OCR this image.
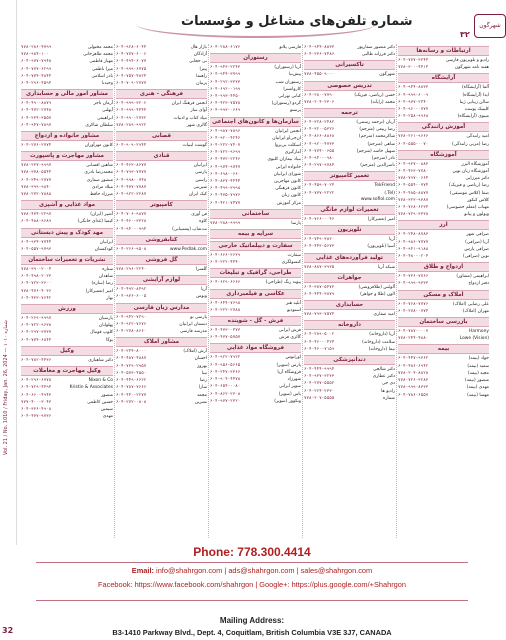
Vol. 21 / No. 1010 / Friday, Jan. 26, 2024 — شماره ۱۰۱۰
32
شماره تلفن‌های مشاغل و مؤسسات	شهرگون
۳۲
ارتباطات و رسانه‌ها
رادیو و تلویزیون فارسی
۶۰۴-۷۷۷-۳۳۴۴
هفته نامه شهرگون
۷۷۸-۳۰۰-۴۴۱۴
آرایشگاه
آلما (آرایشگاه)
۶۰۴-۹۴۴-۸۸۳۳
ایدا (آرایشگاه)
۶۰۴-۹۹۹-۶۰۰۹
سالن زیبایی ژینا
۶۰۴-۹۷۷-۲۴۴۰
کلینیک پوست
۶۰۴-۹۶۰-۰۷۷۷
مینوی (آرایشگاه)
۶۰۴-۲۵۸-۹۹۶۸
آموزش رانندگی
امید رانندگی
۷۷۸-۲۶۱-۹۶۶۶
رضا (مربی رانندگی)
۶۰۴-۵۵۵-۰۰۷۰
آموزشگاه
آموزشگاه البرز
۶۰۴-۹۳۷-۰۸۸۳
آموزشگاه زبان نوین
۶۰۴-۴۶۳-۷۷۸۰
دکتر میرزایی
۷۷۸-۷۹۷-۰۶۶۴
رضا (ریاضی و فیزیک)
۶۰۴-۵۵۴-۰۷۷۴
صفا (کلاس موسیقی)
۶۰۴-۴۸۵-۸۸۷۷
کلاس کنکور
۷۷۸-۳۲۳-۹۳۸۷
مهتاب (معلم خصوصی)
۶۰۴-۷۶۸-۶۲۳۴
ویولون و پیانو
۷۷۸-۷۲۹-۳۳۳۸
ارز
صرافی شهر
۶۰۴-۲۴۸-۸۷۸۳
آریا (صرافی)
۶۰۴-۹۸۶-۷۷۷۷
صرافی پارس
۶۰۴-۹۴۱-۹۱۸۸
نوین (صرافی)
۶۰۴-۴۸۰-۰۲۰۴
ازدواج و طلاق
ابراهیمی (مشاور)
۶۰۴-۷۳۶-۷۷۶۶
دفتر ازدواج
۶۰۴-۹۹۹-۹۳۳۳
املاک و مسکن
علی رضایی (املاک)
۶۰۴-۷۶۸-۷۷۷۶
مهران (املاک)
۶۰۴-۲۷۸-۰۷۷۴
بازرسی ساختمان
Harmony
۶۰۴-۷۸۷-۰۰۰۷
Lowe (Vision)
۷۷۸-۲۴۴-۴۸۸۰
بیمه
جواد (بیمه)
۶۰۴-۴۴۷-۹۳۶۲
سعید (بیمه)
۶۰۴-۴۸۶-۶۹۴۲
مجید (بیمه)
۷۷۸-۲۰۴-۸۸۲۸
منصور (بیمه)
۷۷۸-۷۲۶-۳۲۸۳
مهدی (بیمه)
۷۷۸-۹۹۹-۸۳۳۳
مهسا (بیمه)
۶۰۴-۷۸۶-۶۵۵۷
دکتر منصور صفارپور
۶۰۴-۹۴۴-۸۸۳۳
دکتر فرزانه طالبی
۶۰۴-۲۳۶-۷۴۸۶
تاکسیرانی
شهرگون
۷۷۸-۴۵۵-۹۰۰۰
تدریس خصوصی
حسن (ریاضی، فیزیک)
۶۰۴-۲۸۰-۷۷۹۰
محمد (رایانه)
۷۷۸-۲۰۴-۲۳۰۶
ترجمه
آریان (ترجمه رسمی)
۶۰۴-۳۲۸-۲۴۸۲
رضا ربیعی (مترجم)
۶۰۴-۳۲۰-۵۳۲۶
شاکرمحمد (مترجم)
۶۰۴-۸۶۶-۸۸۶۸
شاهی (مترجم)
۶۰۴-۹۲۰-۴۷۳۳
سهیل خامنه (مترجم)
۶۰۴-۷۷۴-۰۶۵۵
نادر (مترجم)
۶۰۴-۹۴۰-۰۹۸۰
ناصرالدین (مترجم)
۶۰۴-۲۹۷-۹۷۸۴
تعمیر کامپیوتر
TekFriend
۶۰۴-۴۵۹-۷۰۲۴
(Tel.)
۶۰۴-۷۷۷-۲۲۲۲
www.soflol.com
تعمیرات لوازم خانگی
امیر (تعمیرکار)
۶۰۴-۷۶۶-۰۰۴۶
تلویزیون
آریا
۶۰۴-۷۴۹-۳۸۲۰
آسیا (تلویزیون)
۶۰۴-۴۴۳-۵۶۷۳
تولید فرآورده‌های غذایی
شبکه آریا
۷۷۸-۸۸۷-۳۹۳۵
جواهرات
آلوئس (طلافروشی)
۶۰۴-۳۸۷-۵۴۷۳
الون (طلا و جواهر)
۶۰۴-۴۴۴-۳۸۷۹
حسابداری
امید صفاری
۷۷۸-۷۹۳-۷۵۷۴
داروخانه
آریا (داروخانه)
۶۰۴-۲۸۹-۵۰۰۲
سلامت (داروخانه)
۶۰۴-۴۶۰-۰۴۲۴
نیما (داروخانه)
۶۰۴-۴۶۰-۷۱۵۹
دندانپزشکی
دکتر شالچی
۶۰۴-۴۴۴-۹۹۹۴
دکتر عطاری
۶۰۴-۹۳۷-۳۲۳۳
دی جی
۶۰۴-۲۷۷-۵۵۵۲
رادیو ها
۶۰۴-۲۶۴-۲۳۳۰
شماره
۷۷۸-۲۰۷-۵۵۵۵
فارسی پلاتو
۶۰۴-۲۸۸-۶۱۷۶
رستوران
آریا (رستوران)
۶۰۴-۹۴۳-۲۲۴۳
پیش‌نیا
۶۰۴-۹۴۴-۳۷۹۹
رستوران شب
۶۰۴-۲۹۲-۳۳۳۳
کاروانسرا
۶۰۴-۶۹۲-۰۱۹۹
کبابی تهرانی
۶۰۴-۹۹۳-۴۴۵۰
گردو (رستوران)
۶۰۴-۴۲۳-۷۵۷۸
پرستو
۶۰۴-۹۹۳-۰۶۶۹
سازمان‌ها و کانون‌های اجتماعی
انجمن ایرانیان
۶۰۴-۹۸۷-۷۸۹۶
ان‌جی‌او ایرانیان
۶۰۴-۹۲۰-۴۲۴۶
اسکلت بی‌پروا
۶۰۴-۲۲۲-۷۴۰۷
آمارگیری
۶۰۴-۷۲۲-۹۶۹۹
بنیاد بیماران کلیوی
۶۰۴-۴۷۲-۲۲۴۶
خانواده ایرانی
۶۰۴-۹۷۴-۹۷۴۷
شورای ایرانیان
۶۰۴-۶۹۸-۰۶۶۰
کانون مهاجرین
۶۰۴-۸۳۷-۴۴۴۴
کانون فرهنگی
۶۰۴-۴۹۹-۳۹۹۸
کانون زنان
۶۰۴-۴۷۵-۷۹۷۶
مرکز آموزش
۶۰۴-۴۲۱-۷۴۷۷
ساختمانی
پارسا
۷۷۸-۲۸۸-۹۹۹۹
سرایه و بیمه
سفارت و دیپلماتیک خارجی
سفارت
۶۰۴-۶۶۶-۲۶۳۹
کنسولگری
۶۰۴-۲۲۲-۴۴۴۰
طراحی، گرافیک و تبلیغات
پیوند رنگ (طراحی)
۶۰۴-۶۲۹-۶۶۶۶
عکاسی و فیلمبرداری
آتلیه هنر
۶۰۴-۶۴۴-۷۶۹۸
استودیو
۶۰۴-۲۲۲-۲۷۸۸
فرش - گل - شوینده
فرش ایرانی
۶۰۴-۴۷۳-۰۴۷۳
گالری فرش
۶۰۴-۴۷۷-۵۷۵۷
فروشگاه مواد غذایی
اورانوس
۶۰۴-۹۲۲-۷۹۲۲
پارس (سوپر)
۶۰۴-۹۵۶-۵۶۶۵
فروشگاه آریا
۶۰۴-۲۴۷-۳۳۶۶
شهرزاد
۶۰۴-۹۰۴-۴۴۷۸
سوپر ایرانی
۶۰۴-۶۵۴-۰۰۸۰
یاس (سوپر)
۶۰۴-۸۶۲-۲۳۰۸
ونکوور (سوپر)
۶۰۴-۹۷۷-۲۳۲۰
بازار هال
۶۰۴-۹۲۸-۶۰۴۴
آزادگان
۶۰۴-۷۷۷-۶۰۰۶
بی حجابی
۶۰۴-۴۹۴-۶۰۷۷
پیتزا
۶۰۴-۹۹۹-۶۷۷۵
راهنما
۶۰۴-۷۵۷-۴۸۲۴
پرنیان
۶۰۴-۷۰۹-۲۷۷۷
فرهنگی - هنری
انجمن فرهنگ ایران
۶۰۴-۹۹۹-۳۲۰۶
آوای ساز
۶۰۴-۹۹۹-۴۴۴۴
بنیاد کتاب و ادبیات
۶۰۴-۹۹۰-۲۷۳۲
گالری شهر
۷۷۸-۲۸۹-۹۹۲۲
قصابی
گوشت لبنیات
۶۰۴-۹۰۹-۲۹۴۴
قنادی
ایرانیان
۶۰۴-۴۶۳-۸۶۷۷
پارسی
۶۰۴-۷۹۳-۷۷۷۷
راسین
۶۰۴-۹۹۸-۰۷۴۸
شیرینی
۶۰۴-۴۷۷-۷۷۸۷
کیک ایران
۶۰۴-۹۲۲-۳۲۸۷
کامپیوتر
فن آوری
۶۰۴-۷۰۶-۹۸۷۷
کاوه
۶۰۴-۴۶۰-۳۳۲۸
نت‌شاپ (پشتیبانی)
۶۰۴-۹۴۰-۰۹۹۴
کتابفروشی
www.Pedlak.com
۶۰۴-۲۶۶-۹۵۰۸
گل فروشی
گلسرا
۷۷۸-۲۹۶-۲۲۴۰
لوازم آرایشی
آریا
۶۰۴-۴۹۲-۸۴۹۲
ونوس
۶۰۴-۹۳۶-۶۰۰۵
مدارس زبان فارسی
پارسی نو
۶۰۴-۹۴۲-۷۲۹۰
دبستان ایرانیان
۶۰۴-۹۲۲-۷۶۷۶
مدرسه فارسی
۶۰۴-۲۷۸-۸۶۶۰
مشاور املاک
آرش (املاک)
۶۰۴-۲۴۴-۸۰۰۰
احسان
۶۰۴-۴۸۷-۴۸۸۷
بهروز
۶۰۴-۷۲۹-۲۹۵۷
تینا
۶۰۴-۵۷۳-۴۵۵۰
رضا
۶۰۴-۴۴۹-۶۶۲۲
سارا
۶۰۴-۷۸۷-۷۶۶۶
محمد
۶۰۴-۴۴۰-۲۲۷۷
نسرین
۶۰۴-۲۷۲-۰۸۰۸
محمد مخبولی
۷۷۸-۲۸۶-۴۷۹۹
محمد طاهرخانی
۷۷۸-۹۸۴-۱۰۰
مهیار فاطمی
۶۰۴-۹۷۷-۷۹۴۸
میرا ناظمی
۶۰۴-۷۷۷-۶۲۹۹
نادر اسلامی
۶۰۴-۷۷۴-۴۸۴۴
وحیدنا
۶۰۴-۲۹۶-۴۵۹۴
مشاور امور مالی و حسابداری
آرمان تاجر
۶۰۴-۴۹۰-۸۸۷۹
آیهلنی
۶۰۴-۴۷۲-۲۷۴۸
ابراهیمی
۶۰۴-۲۳۴-۳۵۵۷
سلطان شاکری
۶۰۴-۹۴۷-۷۸۹۷
مشاور خانواده و ازدواج
کانون مهرآوران
۶۰۴-۲۷۶-۲۷۷۴
مشاور مهاجرت و پاسپورت
شاهین افسانی
۷۷۸-۲۳۷-۹۹۹۷
محمدرضا نادری
۷۷۸-۳۷۸-۵۵۴۴
منصور صفاری
۶۰۴-۳۴۹-۲۷۷۷
میلاد مرادی
۷۷۸-۳۹۹-۹۸۴۰
میرزاد حافظ
۷۷۸-۲۷۲-۷۸۸۸
مواد غذایی و آشپزی
آشپز (ایران)
۷۷۸-۴۷۴-۲۲۹۷
کیمیا (غذای خانگی)
۶۰۴-۴۸۸-۹۶۸۹
مهد کودک و پیش دبستانی
ایرانیان
۶۰۴-۹۳۴-۷۷۴۴
کودکستان
۶۰۴-۵۵۷-۹۷۹۳
نشریات و تعمیرات ساختمان
ستاره
۷۷۸-۳۹۰-۲۰۰۴
شاهدان
۶۰۴-۴۹۸-۲۰۲۳
رضا (سازه)
۶۰۴-۷۲۳-۳۶۰۰
امیر (تعمیرکار)
۷۷۸-۴۷۶-۴۰۳۶
بهار
۶۰۴-۴۳۳-۷۶۴۲
ورزش
پارسیان
۶۰۴-۲۶۹-۹۹۹۷
پهلوانان
۶۰۴-۷۲۲-۹۶۳۸
کلوپ فوتبال
۶۰۴-۲۹۷-۳۷۳۷
یوگا
۶۰۴-۷۷۴-۶۸۴۴
وکیل
دکتر شاهبازی
۶۰۴-۷۸۲-۴۴۳۶
وکیل مهاجرت و معاملات
Nixon & Co
۶۰۴-۲۹۶-۶۷۷۸
Kristin & Associates
۶۰۴-۷۲۹-۴۴۹۴
منصور
۶۰۴-۶۶۰-۴۹۴۳
حسین کاظمی
۷۷۷-۴۰۰-۳۰۴۳
سیمین
۶۰۴-۳۳۶-۴۹۰۸
مهدی
۶۰۴-۴۷۷-۹۷۳۶
Phone: 778.300.4414
Email: info@shahrgon.com | ads@shahrgon.com | sales@shahrgon.com
Facebook: https://www.facebook.com/shahrgon | Google+: https://plus.google.com/+Shahrgon
Mailing Address:
B3-1410 Parkway Blvd., Dept. 4, Coquitlam, British Columbia V3E 3J7, CANADA
